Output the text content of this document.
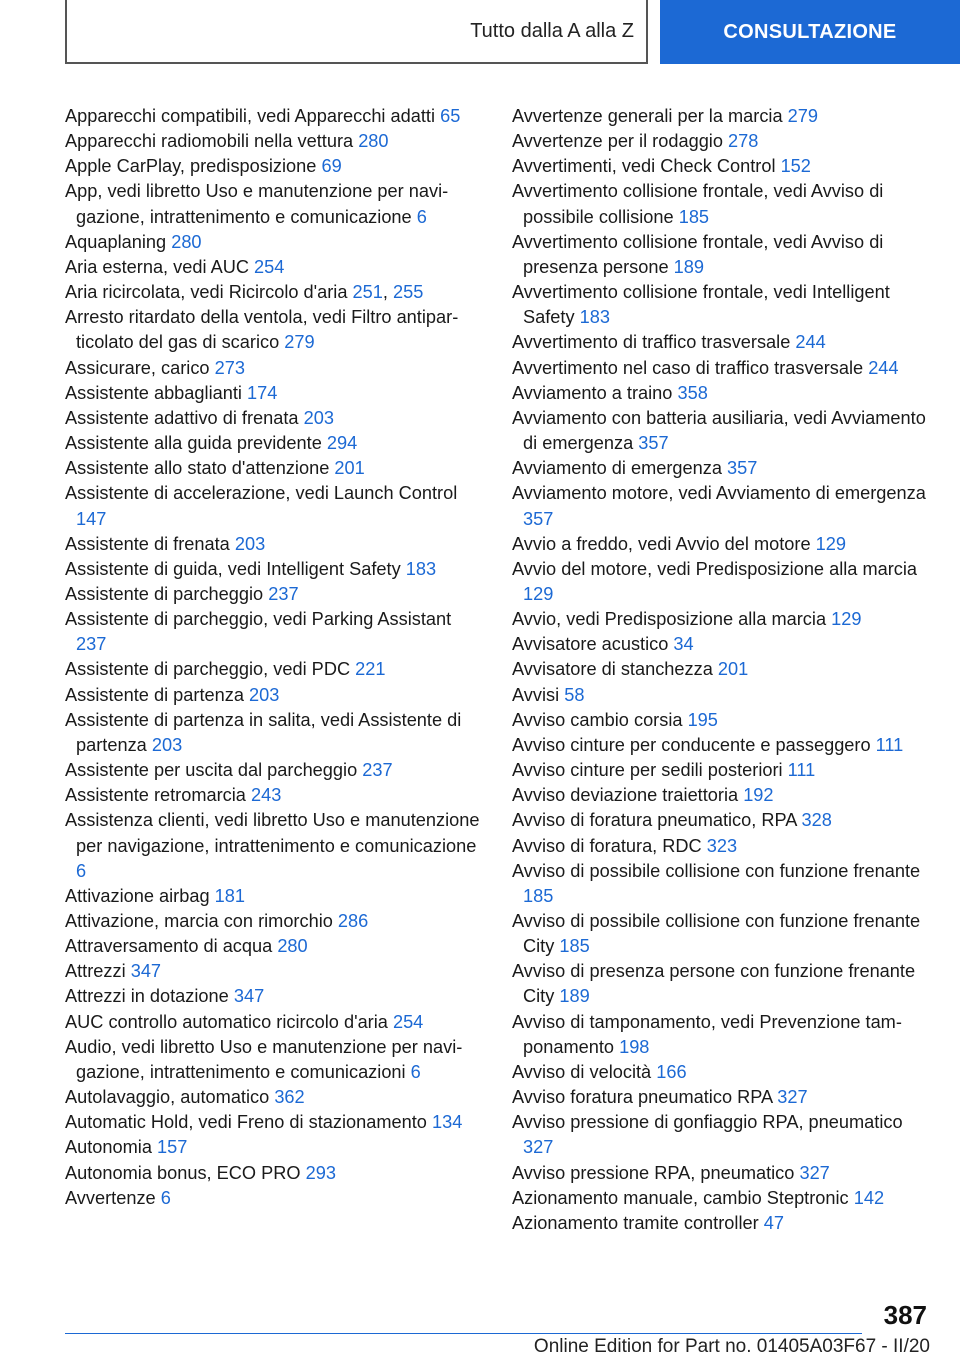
Tutto dalla A alla Z	CONSULTAZIONE

Apparecchi compatibili, vedi Apparecchi adatti 65

Apparecchi radiomobili nella vettura 280

Apple CarPlay, predisposizione 69

App, vedi libretto Uso e manutenzione per navigazione, intrattenimento e comunicazione 6

Aquaplaning 280

Aria esterna, vedi AUC 254

Aria ricircolata, vedi Ricircolo d'aria 251, 255

Arresto ritardato della ventola, vedi Filtro antiparticolato del gas di scarico 279

Assicurare, carico 273

Assistente abbaglianti 174

Assistente adattivo di frenata 203

Assistente alla guida previdente 294

Assistente allo stato d'attenzione 201

Assistente di accelerazione, vedi Launch Control 147

Assistente di frenata 203

Assistente di guida, vedi Intelligent Safety 183

Assistente di parcheggio 237

Assistente di parcheggio, vedi Parking Assistant 237

Assistente di parcheggio, vedi PDC 221

Assistente di partenza 203

Assistente di partenza in salita, vedi Assistente di partenza 203

Assistente per uscita dal parcheggio 237

Assistente retromarcia 243

Assistenza clienti, vedi libretto Uso e manutenzione per navigazione, intrattenimento e comunicazione 6

Attivazione airbag 181

Attivazione, marcia con rimorchio 286

Attraversamento di acqua 280

Attrezzi 347

Attrezzi in dotazione 347

AUC controllo automatico ricircolo d'aria 254

Audio, vedi libretto Uso e manutenzione per navigazione, intrattenimento e comunicazioni 6

Autolavaggio, automatico 362

Automatic Hold, vedi Freno di stazionamento 134

Autonomia 157

Autonomia bonus, ECO PRO 293

Avvertenze 6

Avvertenze generali per la marcia 279

Avvertenze per il rodaggio 278

Avvertimenti, vedi Check Control 152

Avvertimento collisione frontale, vedi Avviso di possibile collisione 185

Avvertimento collisione frontale, vedi Avviso di presenza persone 189

Avvertimento collisione frontale, vedi Intelligent Safety 183

Avvertimento di traffico trasversale 244

Avvertimento nel caso di traffico trasversale 244

Avviamento a traino 358

Avviamento con batteria ausiliaria, vedi Avviamento di emergenza 357

Avviamento di emergenza 357

Avviamento motore, vedi Avviamento di emergenza 357

Avvio a freddo, vedi Avvio del motore 129

Avvio del motore, vedi Predisposizione alla marcia 129

Avvio, vedi Predisposizione alla marcia 129

Avvisatore acustico 34

Avvisatore di stanchezza 201

Avvisi 58

Avviso cambio corsia 195

Avviso cinture per conducente e passeggero 111

Avviso cinture per sedili posteriori 111

Avviso deviazione traiettoria 192

Avviso di foratura pneumatico, RPA 328

Avviso di foratura, RDC 323

Avviso di possibile collisione con funzione frenante 185

Avviso di possibile collisione con funzione frenante City 185

Avviso di presenza persone con funzione frenante City 189

Avviso di tamponamento, vedi Prevenzione tamponamento 198

Avviso di velocità 166

Avviso foratura pneumatico RPA 327

Avviso pressione di gonfiaggio RPA, pneumatico 327

Avviso pressione RPA, pneumatico 327

Azionamento manuale, cambio Steptronic 142

Azionamento tramite controller 47

387
Online Edition for Part no. 01405A03F67 - II/20
